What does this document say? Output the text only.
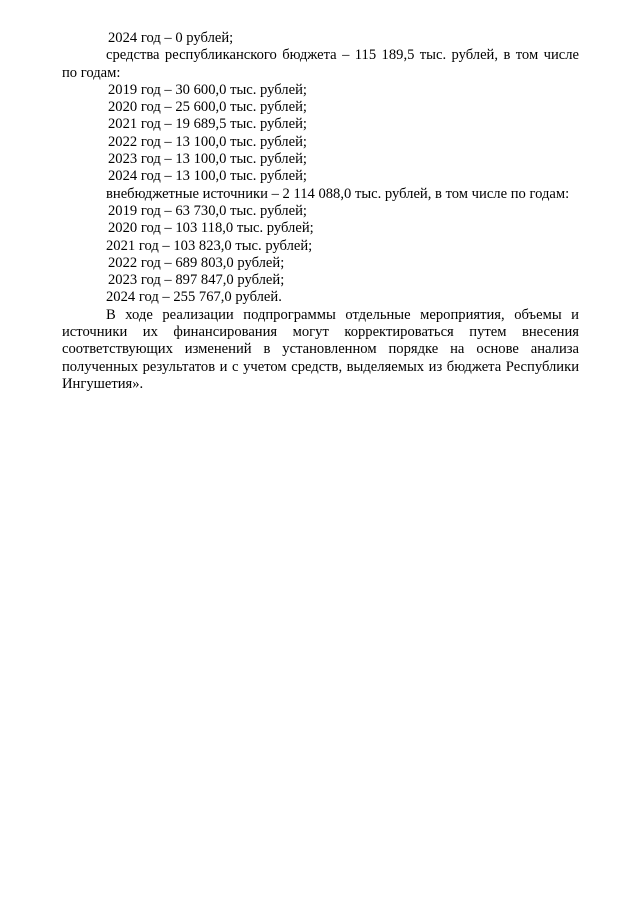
2024 год – 0 рублей;
средства республиканского бюджета – 115 189,5 тыс. рублей, в том числе по годам:
2019 год – 30 600,0 тыс. рублей;
2020 год – 25 600,0 тыс. рублей;
2021 год – 19 689,5 тыс. рублей;
2022 год – 13 100,0 тыс. рублей;
2023 год – 13 100,0 тыс. рублей;
2024 год – 13 100,0 тыс. рублей;
внебюджетные источники – 2 114 088,0 тыс. рублей, в том числе по годам:
2019 год – 63 730,0 тыс. рублей;
2020 год – 103 118,0 тыс. рублей;
2021 год – 103 823,0 тыс. рублей;
2022 год – 689 803,0 рублей;
2023 год – 897 847,0 рублей;
2024 год – 255 767,0 рублей.
В ходе реализации подпрограммы отдельные мероприятия, объемы и источники их финансирования могут корректироваться путем внесения соответствующих изменений в установленном порядке на основе анализа полученных результатов и с учетом средств, выделяемых из бюджета Республики Ингушетия».
